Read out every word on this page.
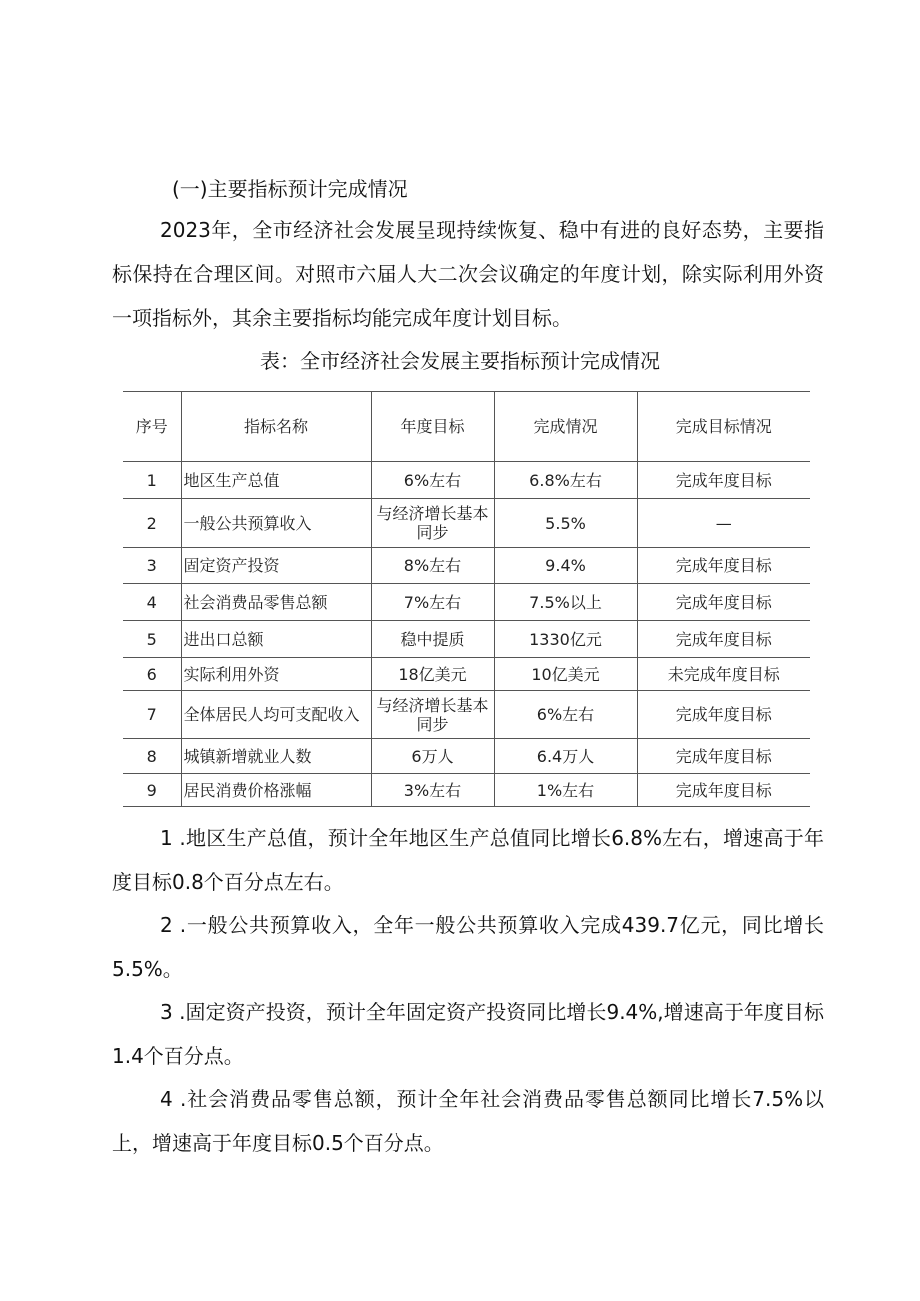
(一)主要指标预计完成情况
2023年，全市经济社会发展呈现持续恢复、稳中有进的良好态势，主要指标保持在合理区间。对照市六届人大二次会议确定的年度计划，除实际利用外资一项指标外，其余主要指标均能完成年度计划目标。
表：全市经济社会发展主要指标预计完成情况
序号	指标名称	年度目标	完成情况	完成目标情况
1	地区生产总值	6%左右	6.8%左右	完成年度目标
2	一般公共预算收入	与经济增长基本同步	5.5%	—
3	固定资产投资	8%左右	9.4%	完成年度目标
4	社会消费品零售总额	7%左右	7.5%以上	完成年度目标
5	进出口总额	稳中提质	1330亿元	完成年度目标
6	实际利用外资	18亿美元	10亿美元	未完成年度目标
7	全体居民人均可支配收入	与经济增长基本同步	6%左右	完成年度目标
8	城镇新增就业人数	6万人	6.4万人	完成年度目标
9	居民消费价格涨幅	3%左右	1%左右	完成年度目标
1 .地区生产总值，预计全年地区生产总值同比增长6.8%左右，增速高于年度目标0.8个百分点左右。
2 .一般公共预算收入，全年一般公共预算收入完成439.7亿元，同比增长5.5%。
3 .固定资产投资，预计全年固定资产投资同比增长9.4%,增速高于年度目标1.4个百分点。
4 .社会消费品零售总额，预计全年社会消费品零售总额同比增长7.5%以上，增速高于年度目标0.5个百分点。
